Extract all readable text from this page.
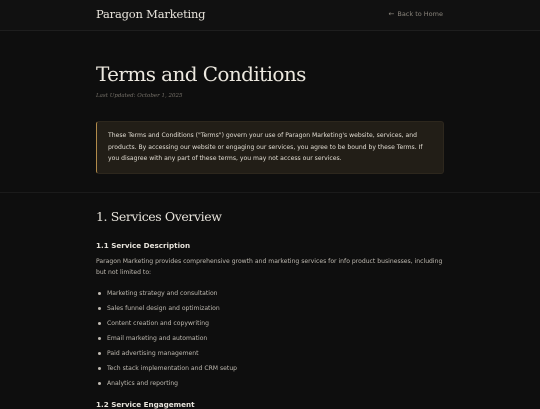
Paragon Marketing	← Back to Home
Terms and Conditions
Last Updated: October 1, 2025
These Terms and Conditions ("Terms") govern your use of Paragon Marketing's website, services, and products. By accessing our website or engaging our services, you agree to be bound by these Terms. If you disagree with any part of these terms, you may not access our services.
1. Services Overview
1.1 Service Description
Paragon Marketing provides comprehensive growth and marketing services for info product businesses, including but not limited to:
Marketing strategy and consultation
Sales funnel design and optimization
Content creation and copywriting
Email marketing and automation
Paid advertising management
Tech stack implementation and CRM setup
Analytics and reporting
1.2 Service Engagement
